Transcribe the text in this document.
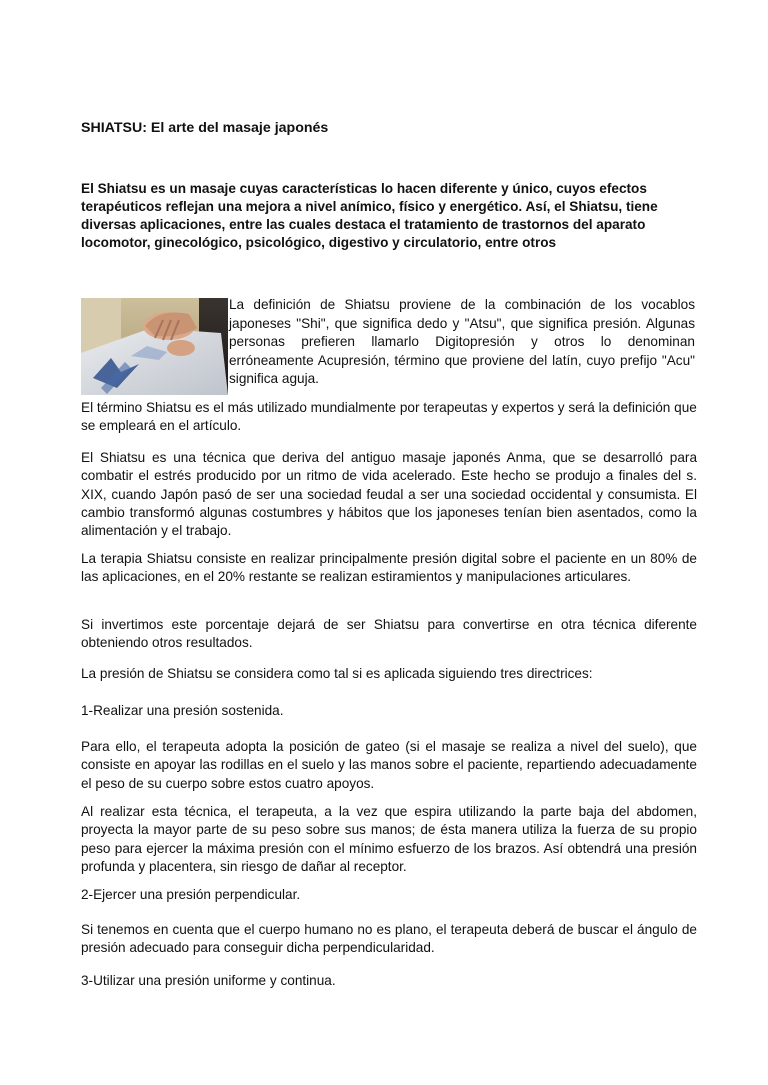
SHIATSU: El arte del masaje japonés

El Shiatsu es un masaje cuyas características lo hacen diferente y único, cuyos efectos terapéuticos reflejan una mejora a nivel anímico, físico y energético. Así, el Shiatsu, tiene diversas aplicaciones, entre las cuales destaca el tratamiento de trastornos del aparato locomotor, ginecológico, psicológico, digestivo y circulatorio, entre otros

La definición de Shiatsu proviene de la combinación de los vocablos japoneses "Shi", que significa dedo y "Atsu", que significa presión. Algunas personas prefieren llamarlo Digitopresión y otros lo denominan erróneamente Acupresión, término que proviene del latín, cuyo prefijo "Acu" significa aguja.

El término Shiatsu es el más utilizado mundialmente por terapeutas y expertos y será la definición que se empleará en el artículo.

El Shiatsu es una técnica que deriva del antiguo masaje japonés Anma, que se desarrolló para combatir el estrés producido por un ritmo de vida acelerado. Este hecho se produjo a finales del s. XIX, cuando Japón pasó de ser una sociedad feudal a ser una sociedad occidental y consumista. El cambio transformó algunas costumbres y hábitos que los japoneses tenían bien asentados, como la alimentación y el trabajo.

La terapia Shiatsu consiste en realizar principalmente presión digital sobre el paciente en un 80% de las aplicaciones, en el 20% restante se realizan estiramientos y manipulaciones articulares.

Si invertimos este porcentaje dejará de ser Shiatsu para convertirse en otra técnica diferente obteniendo otros resultados.

La presión de Shiatsu se considera como tal si es aplicada siguiendo tres directrices:

1-Realizar una presión sostenida.

Para ello, el terapeuta adopta la posición de gateo (si el masaje se realiza a nivel del suelo), que consiste en apoyar las rodillas en el suelo y las manos sobre el paciente, repartiendo adecuadamente el peso de su cuerpo sobre estos cuatro apoyos.

Al realizar esta técnica, el terapeuta, a la vez que espira utilizando la parte baja del abdomen, proyecta la mayor parte de su peso sobre sus manos; de ésta manera utiliza la fuerza de su propio peso para ejercer la máxima presión con el mínimo esfuerzo de los brazos. Así obtendrá una presión profunda y placentera, sin riesgo de dañar al receptor.

2-Ejercer una presión perpendicular.

Si tenemos en cuenta que el cuerpo humano no es plano, el terapeuta deberá de buscar el ángulo de presión adecuado para conseguir dicha perpendicularidad.

3-Utilizar una presión uniforme y continua.
